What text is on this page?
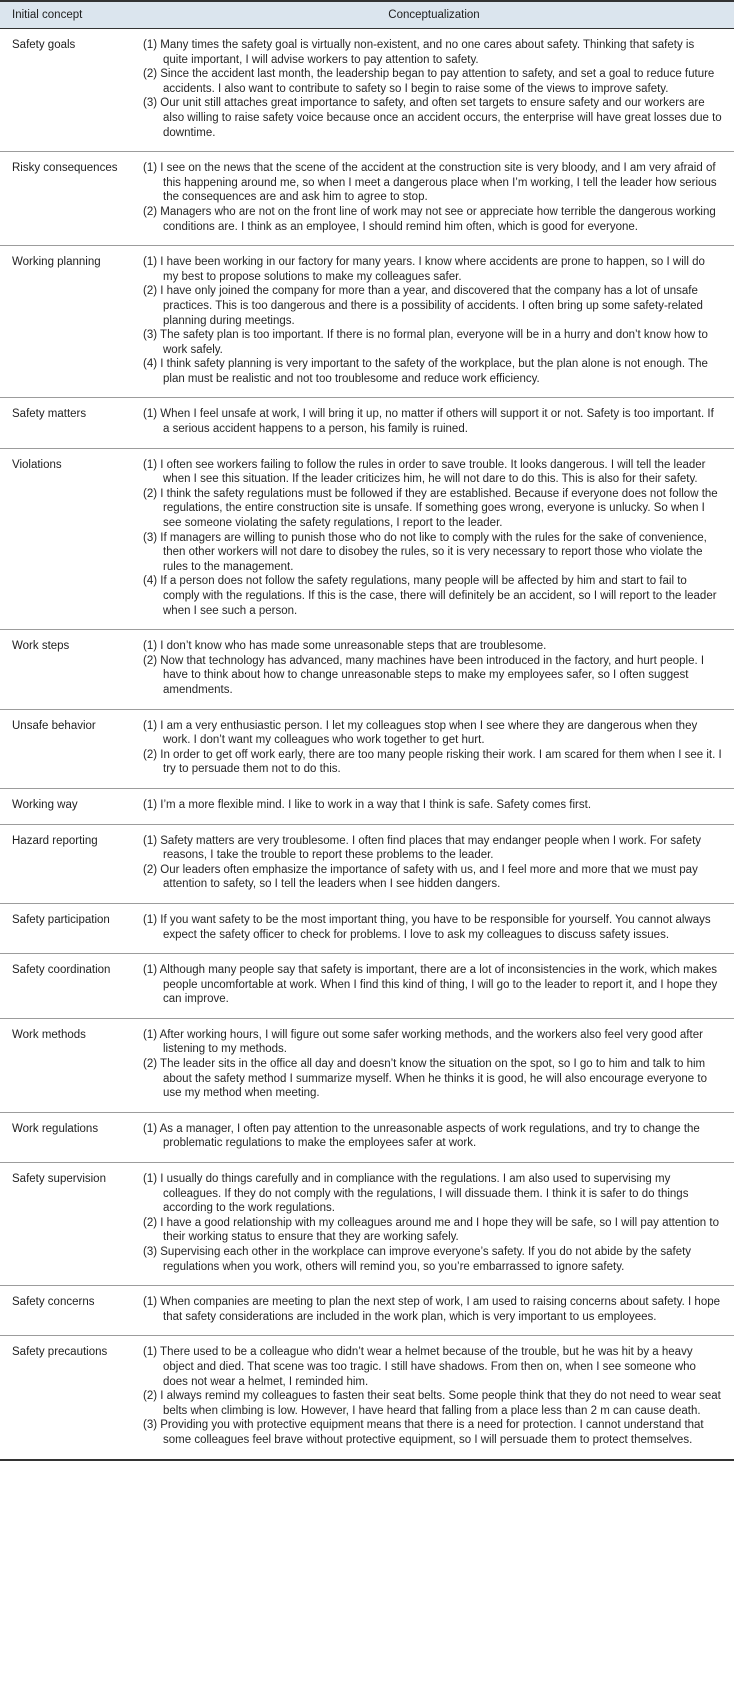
Initial concept	Conceptualization
Safety goals	(1) Many times the safety goal is virtually non-existent, and no one cares about safety. Thinking that safety is quite important, I will advise workers to pay attention to safety.
(2) Since the accident last month, the leadership began to pay attention to safety, and set a goal to reduce future accidents. I also want to contribute to safety so I begin to raise some of the views to improve safety.
(3) Our unit still attaches great importance to safety, and often set targets to ensure safety and our workers are also willing to raise safety voice because once an accident occurs, the enterprise will have great losses due to downtime.

Risky consequences	(1) I see on the news that the scene of the accident at the construction site is very bloody, and I am very afraid of this happening around me, so when I meet a dangerous place when I’m working, I tell the leader how serious the consequences are and ask him to agree to stop.
(2) Managers who are not on the front line of work may not see or appreciate how terrible the dangerous working conditions are. I think as an employee, I should remind him often, which is good for everyone.

Working planning	(1) I have been working in our factory for many years. I know where accidents are prone to happen, so I will do my best to propose solutions to make my colleagues safer.
(2) I have only joined the company for more than a year, and discovered that the company has a lot of unsafe practices. This is too dangerous and there is a possibility of accidents. I often bring up some safety-related planning during meetings.
(3) The safety plan is too important. If there is no formal plan, everyone will be in a hurry and don’t know how to work safely.
(4) I think safety planning is very important to the safety of the workplace, but the plan alone is not enough. The plan must be realistic and not too troublesome and reduce work efficiency.

Safety matters	(1) When I feel unsafe at work, I will bring it up, no matter if others will support it or not. Safety is too important. If a serious accident happens to a person, his family is ruined.

Violations	(1) I often see workers failing to follow the rules in order to save trouble. It looks dangerous. I will tell the leader when I see this situation. If the leader criticizes him, he will not dare to do this. This is also for their safety.
(2) I think the safety regulations must be followed if they are established. Because if everyone does not follow the regulations, the entire construction site is unsafe. If something goes wrong, everyone is unlucky. So when I see someone violating the safety regulations, I report to the leader.
(3) If managers are willing to punish those who do not like to comply with the rules for the sake of convenience, then other workers will not dare to disobey the rules, so it is very necessary to report those who violate the rules to the management.
(4) If a person does not follow the safety regulations, many people will be affected by him and start to fail to comply with the regulations. If this is the case, there will definitely be an accident, so I will report to the leader when I see such a person.

Work steps	(1) I don’t know who has made some unreasonable steps that are troublesome.
(2) Now that technology has advanced, many machines have been introduced in the factory, and hurt people. I have to think about how to change unreasonable steps to make my employees safer, so I often suggest amendments.

Unsafe behavior	(1) I am a very enthusiastic person. I let my colleagues stop when I see where they are dangerous when they work. I don’t want my colleagues who work together to get hurt.
(2) In order to get off work early, there are too many people risking their work. I am scared for them when I see it. I try to persuade them not to do this.

Working way	(1) I’m a more flexible mind. I like to work in a way that I think is safe. Safety comes first.

Hazard reporting	(1) Safety matters are very troublesome. I often find places that may endanger people when I work. For safety reasons, I take the trouble to report these problems to the leader.
(2) Our leaders often emphasize the importance of safety with us, and I feel more and more that we must pay attention to safety, so I tell the leaders when I see hidden dangers.

Safety participation	(1) If you want safety to be the most important thing, you have to be responsible for yourself. You cannot always expect the safety officer to check for problems. I love to ask my colleagues to discuss safety issues.

Safety coordination	(1) Although many people say that safety is important, there are a lot of inconsistencies in the work, which makes people uncomfortable at work. When I find this kind of thing, I will go to the leader to report it, and I hope they can improve.

Work methods	(1) After working hours, I will figure out some safer working methods, and the workers also feel very good after listening to my methods.
(2) The leader sits in the office all day and doesn’t know the situation on the spot, so I go to him and talk to him about the safety method I summarize myself. When he thinks it is good, he will also encourage everyone to use my method when meeting.

Work regulations	(1) As a manager, I often pay attention to the unreasonable aspects of work regulations, and try to change the problematic regulations to make the employees safer at work.

Safety supervision	(1) I usually do things carefully and in compliance with the regulations. I am also used to supervising my colleagues. If they do not comply with the regulations, I will dissuade them. I think it is safer to do things according to the work regulations.
(2) I have a good relationship with my colleagues around me and I hope they will be safe, so I will pay attention to their working status to ensure that they are working safely.
(3) Supervising each other in the workplace can improve everyone’s safety. If you do not abide by the safety regulations when you work, others will remind you, so you’re embarrassed to ignore safety.

Safety concerns	(1) When companies are meeting to plan the next step of work, I am used to raising concerns about safety. I hope that safety considerations are included in the work plan, which is very important to us employees.

Safety precautions	(1) There used to be a colleague who didn’t wear a helmet because of the trouble, but he was hit by a heavy object and died. That scene was too tragic. I still have shadows. From then on, when I see someone who does not wear a helmet, I reminded him.
(2) I always remind my colleagues to fasten their seat belts. Some people think that they do not need to wear seat belts when climbing is low. However, I have heard that falling from a place less than 2 m can cause death.
(3) Providing you with protective equipment means that there is a need for protection. I cannot understand that some colleagues feel brave without protective equipment, so I will persuade them to protect themselves.
